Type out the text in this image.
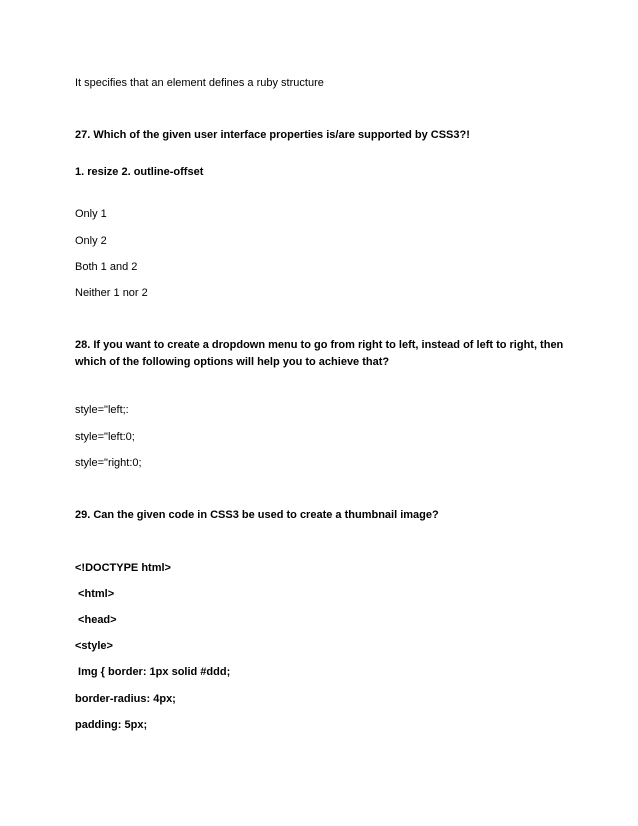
It specifies that an element defines a ruby structure
27. Which of the given user interface properties is/are supported by CSS3?!
1. resize 2. outline-offset
Only 1
Only 2
Both 1 and 2
Neither 1 nor 2
28. If you want to create a dropdown menu to go from right to left, instead of left to right, then
which of the following options will help you to achieve that?
style="left;:
style="left:0;
style="right:0;
29. Can the given code in CSS3 be used to create a thumbnail image?
<!DOCTYPE html>
<html>
<head>
<style>
Img { border: 1px solid #ddd;
border-radius: 4px;
padding: 5px;
